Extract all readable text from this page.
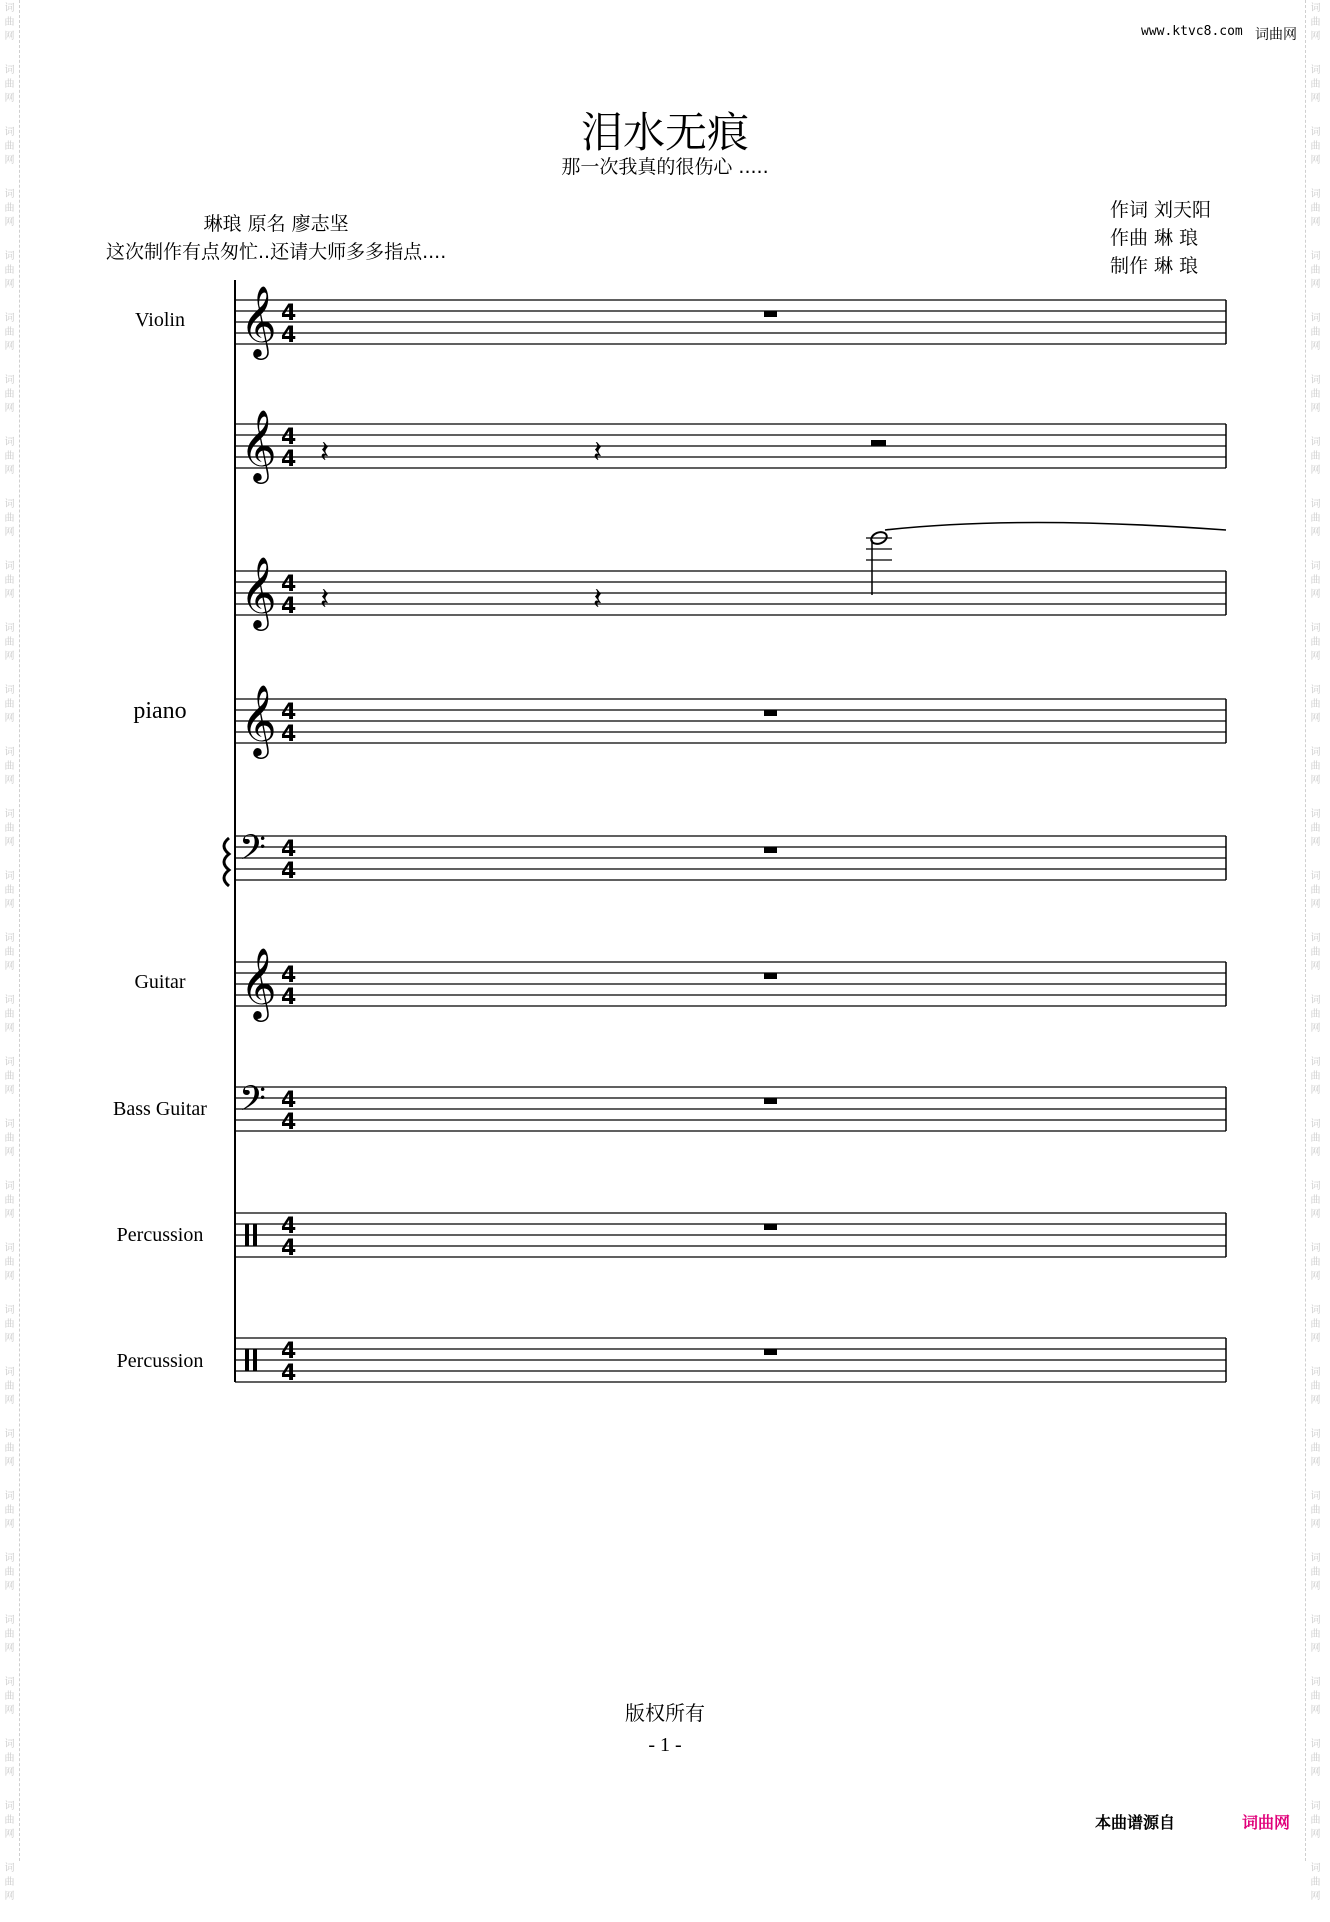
词
曲
网
词
曲
网
词
曲
网
词
曲
网
词
曲
网
词
曲
网
词
曲
网
词
曲
网
词
曲
网
词
曲
网
词
曲
网
词
曲
网
词
曲
网
词
曲
网
词
曲
网
词
曲
网
词
曲
网
词
曲
网
词
曲
网
词
曲
网
词
曲
网
词
曲
网
词
曲
网
词
曲
网
词
曲
网
词
曲
网
词
曲
网
词
曲
网
词
曲
网
词
曲
网
词
曲
网
词
曲
网
词
曲
网
词
曲
网
词
曲
网
词
曲
网
词
曲
网
词
曲
网
词
曲
网
词
曲
网
词
曲
网
词
曲
网
词
曲
网
词
曲
网
词
曲
网
词
曲
网
词
曲
网
词
曲
网
词
曲
网
词
曲
网
词
曲
网
词
曲
网
词
曲
网
词
曲
网
词
曲
网
词
曲
网
词
曲
网
词
曲
网
词
曲
网
词
曲
网
词
曲
网
词
曲
网
www.ktvc8.com 词曲网
泪水无痕
那一次我真的很伤心 .....
琳琅 原名 廖志坚
这次制作有点匆忙..还请大师多多指点....
作词 刘天阳
作曲 琳 琅
制作 琳 琅
Violin
piano
Guitar
Bass Guitar
Percussion
Percussion
𝄞 4
4
𝄞 4
4 𝄽	𝄽
𝄞 4
4 𝄽	𝄽
𝄞 4
4
𝄢 4
4
𝄞 4
4
𝄢 4
4
4
4
4
4
版权所有
- 1 -
本曲谱源自	词曲网
